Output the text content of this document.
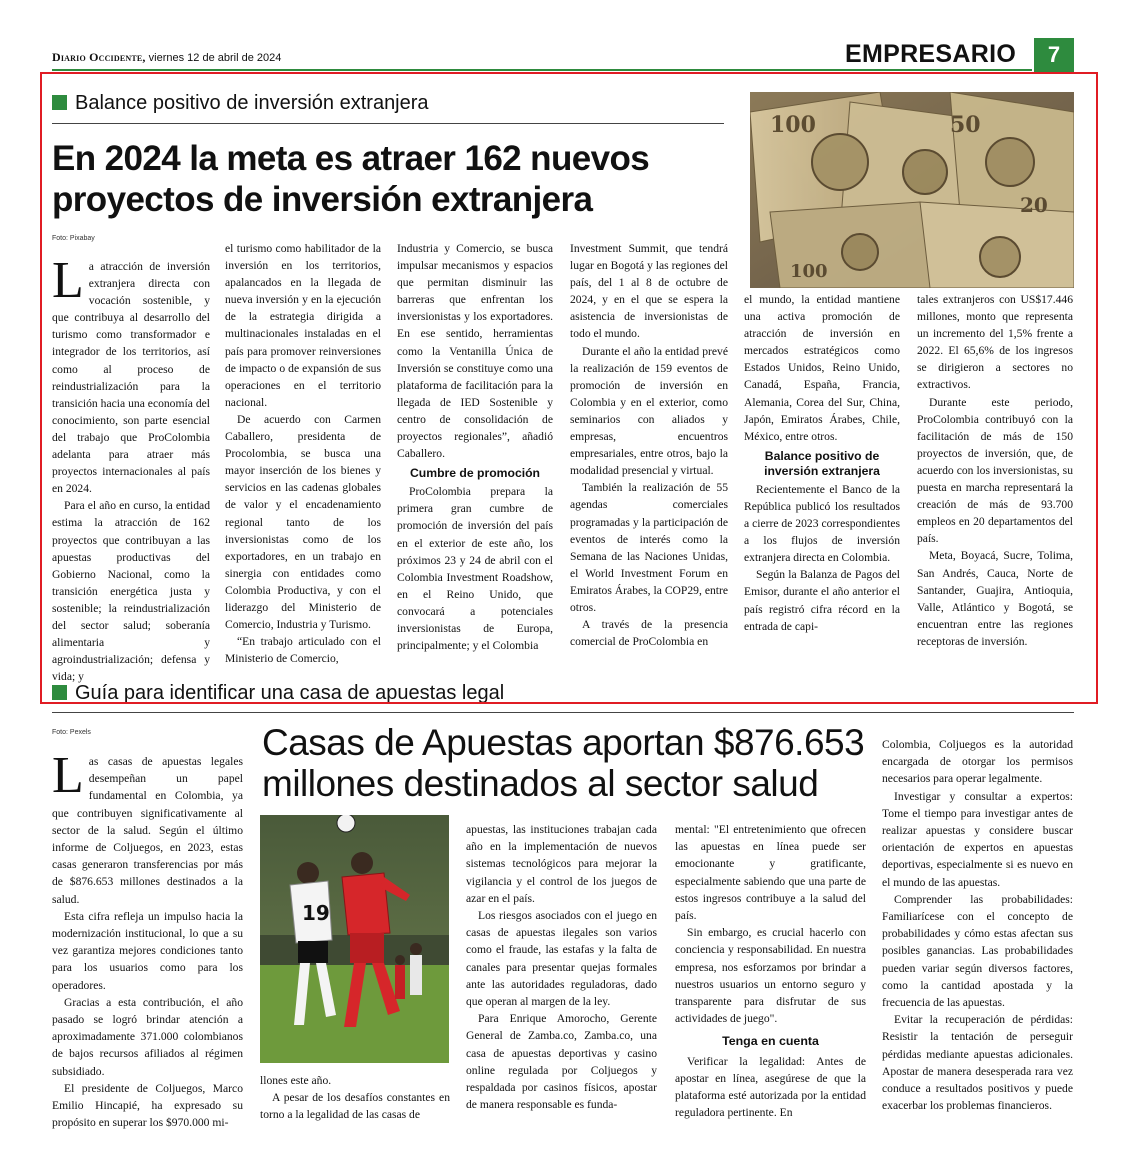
Diario Occidente, viernes 12 de abril de 2024	EMPRESARIO	7
Balance positivo de inversión extranjera
En 2024 la meta es atraer 162 nuevos proyectos de inversión extranjera
Foto: Pixabay
100	50
20
100

La atracción de inversión extranjera directa con vocación sostenible, y que contribuya al desarrollo del turismo como transformador e integrador de los territorios, así como al proceso de reindustrialización para la transición hacia una economía del conocimiento, son parte esencial del trabajo que ProColombia adelanta para atraer más proyectos internacionales al país en 2024.

Para el año en curso, la entidad estima la atracción de 162 proyectos que contribuyan a las apuestas productivas del Gobierno Nacional, como la transición energética justa y sostenible; la reindustrialización del sector salud; soberanía alimentaria y agroindustrialización; defensa y vida; y

el turismo como habilitador de la inversión en los territorios, apalancados en la llegada de nueva inversión y en la ejecución de la estrategia dirigida a multinacionales instaladas en el país para promover reinversiones de impacto o de expansión de sus operaciones en el territorio nacional.

De acuerdo con Carmen Caballero, presidenta de Procolombia, se busca una mayor inserción de los bienes y servicios en las cadenas globales de valor y el encadenamiento regional tanto de los inversionistas como de los exportadores, en un trabajo en sinergia con entidades como Colombia Productiva, y con el liderazgo del Ministerio de Comercio, Industria y Turismo.

“En trabajo articulado con el Ministerio de Comercio,

Industria y Comercio, se busca impulsar mecanismos y espacios que permitan disminuir las barreras que enfrentan los inversionistas y los exportadores. En ese sentido, herramientas como la Ventanilla Única de Inversión se constituye como una plataforma de facilitación para la llegada de IED Sostenible y centro de consolidación de proyectos regionales”, añadió Caballero.

Cumbre de promoción

ProColombia prepara la primera gran cumbre de promoción de inversión del país en el exterior de este año, los próximos 23 y 24 de abril con el Colombia Investment Roadshow, en el Reino Unido, que convocará a potenciales inversionistas de Europa, principalmente; y el Colombia

Investment Summit, que tendrá lugar en Bogotá y las regiones del país, del 1 al 8 de octubre de 2024, y en el que se espera la asistencia de inversionistas de todo el mundo.

Durante el año la entidad prevé la realización de 159 eventos de promoción de inversión en Colombia y en el exterior, como seminarios con aliados y empresas, encuentros empresariales, entre otros, bajo la modalidad presencial y virtual.

También la realización de 55 agendas comerciales programadas y la participación de eventos de interés como la Semana de las Naciones Unidas, el World Investment Forum en Emiratos Árabes, la COP29, entre otros.

A través de la presencia comercial de ProColombia en

el mundo, la entidad mantiene una activa promoción de atracción de inversión en mercados estratégicos como Estados Unidos, Reino Unido, Canadá, España, Francia, Alemania, Corea del Sur, China, Japón, Emiratos Árabes, Chile, México, entre otros.

Balance positivo de inversión extranjera

Recientemente el Banco de la República publicó los resultados a cierre de 2023 correspondientes a los flujos de inversión extranjera directa en Colombia.

Según la Balanza de Pagos del Emisor, durante el año anterior el país registró cifra récord en la entrada de capi-

tales extranjeros con US$17.446 millones, monto que representa un incremento del 1,5% frente a 2022. El 65,6% de los ingresos se dirigieron a sectores no extractivos.

Durante este periodo, ProColombia contribuyó con la facilitación de más de 150 proyectos de inversión, que, de acuerdo con los inversionistas, su puesta en marcha representará la creación de más de 93.700 empleos en 20 departamentos del país.

Meta, Boyacá, Sucre, Tolima, San Andrés, Cauca, Norte de Santander, Guajira, Antioquia, Valle, Atlántico y Bogotá, se encuentran entre las regiones receptoras de inversión.

Guía para identificar una casa de apuestas legal
Foto: Pexels	Casas de Apuestas aportan $876.653 millones destinados al sector salud
19

Las casas de apuestas legales desempeñan un papel fundamental en Colombia, ya que contribuyen significativamente al sector de la salud. Según el último informe de Coljuegos, en 2023, estas casas generaron transferencias por más de $876.653 millones destinados a la salud.

Esta cifra refleja un impulso hacia la modernización institucional, lo que a su vez garantiza mejores condiciones tanto para los usuarios como para los operadores.

Gracias a esta contribución, el año pasado se logró brindar atención a aproximadamente 371.000 colombianos de bajos recursos afiliados al régimen subsidiado.

El presidente de Coljuegos, Marco Emilio Hincapié, ha expresado su propósito en superar los $970.000 mi-

llones este año.

A pesar de los desafíos constantes en torno a la legalidad de las casas de

apuestas, las instituciones trabajan cada año en la implementación de nuevos sistemas tecnológicos para mejorar la vigilancia y el control de los juegos de azar en el país.

Los riesgos asociados con el juego en casas de apuestas ilegales son varios como el fraude, las estafas y la falta de canales para presentar quejas formales ante las autoridades reguladoras, dado que operan al margen de la ley.

Para Enrique Amorocho, Gerente General de Zamba.co, Zamba.co, una casa de apuestas deportivas y casino online regulada por Coljuegos y respaldada por casinos físicos, apostar de manera responsable es funda-

mental: "El entretenimiento que ofrecen las apuestas en línea puede ser emocionante y gratificante, especialmente sabiendo que una parte de estos ingresos contribuye a la salud del país.

Sin embargo, es crucial hacerlo con conciencia y responsabilidad. En nuestra empresa, nos esforzamos por brindar a nuestros usuarios un entorno seguro y transparente para disfrutar de sus actividades de juego".

Tenga en cuenta

Verificar la legalidad: Antes de apostar en línea, asegúrese de que la plataforma esté autorizada por la entidad reguladora pertinente. En

Colombia, Coljuegos es la autoridad encargada de otorgar los permisos necesarios para operar legalmente.

Investigar y consultar a expertos: Tome el tiempo para investigar antes de realizar apuestas y considere buscar orientación de expertos en apuestas deportivas, especialmente si es nuevo en el mundo de las apuestas.

Comprender las probabilidades: Familiarícese con el concepto de probabilidades y cómo estas afectan sus posibles ganancias. Las probabilidades pueden variar según diversos factores, como la cantidad apostada y la frecuencia de las apuestas.

Evitar la recuperación de pérdidas: Resistir la tentación de perseguir pérdidas mediante apuestas adicionales. Apostar de manera desesperada rara vez conduce a resultados positivos y puede exacerbar los problemas financieros.
